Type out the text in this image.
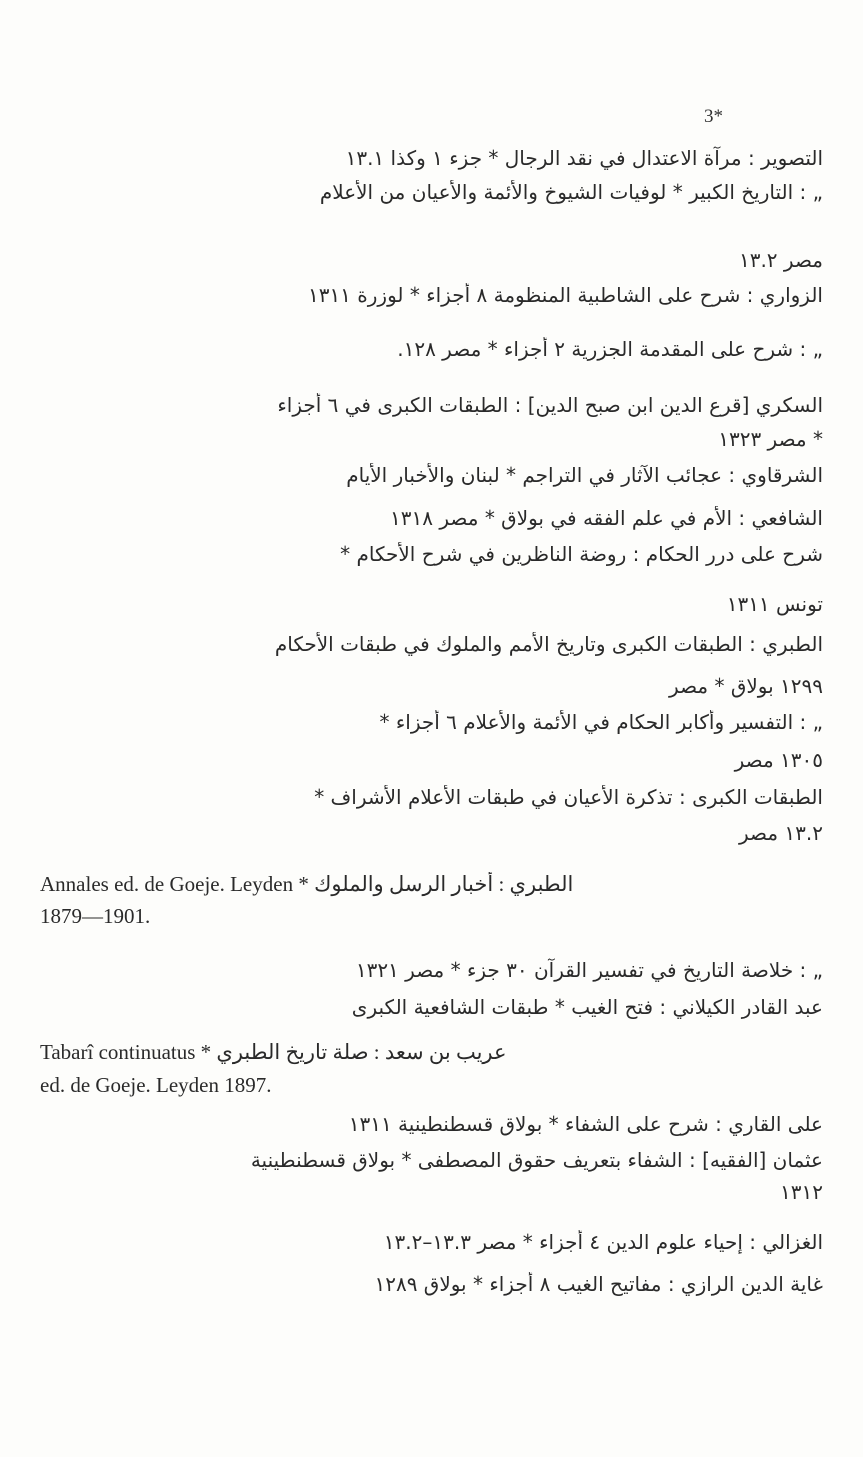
3*
التصوير : مرآة الاعتدال في نقد الرجال * جزء ١ وكذا ١٣.١
„ : التاريخ الكبير * لوفيات الشيوخ والأئمة والأعيان من الأعلام
مصر ١٣.٢
الزواري : شرح على الشاطبية المنظومة ٨ أجزاء * لوزرة ١٣١١
„ : شرح على المقدمة الجزرية ٢ أجزاء * مصر ١٢٨.
السكري [قرع الدين ابن صبح الدين] : الطبقات الكبرى في ٦ أجزاء
* مصر ١٣٢٣
الشرقاوي : عجائب الآثار في التراجم * لبنان والأخبار الأيام
الشافعي : الأم في علم الفقه في بولاق * مصر ١٣١٨
شرح على درر الحكام : روضة الناظرين في شرح الأحكام *
تونس ١٣١١
الطبري : الطبقات الكبرى وتاريخ الأمم والملوك في طبقات الأحكام
١٢٩٩ بولاق * مصر
„ : التفسير وأكابر الحكام في الأئمة والأعلام ٦ أجزاء *
١٣٠٥ مصر
الطبقات الكبرى : تذكرة الأعيان في طبقات الأعلام الأشراف *
١٣.٢ مصر
Annales ed. de Goeje. Leyden * الطبري : أخبار الرسل والملوك
1879—1901.
„ : خلاصة التاريخ في تفسير القرآن ٣٠ جزء * مصر ١٣٢١
عبد القادر الكيلاني : فتح الغيب * طبقات الشافعية الكبرى
Tabarî continuatus * عريب بن سعد : صلة تاريخ الطبري
ed. de Goeje. Leyden 1897.
على القاري : شرح على الشفاء * بولاق قسطنطينية ١٣١١
عثمان [الفقيه] : الشفاء بتعريف حقوق المصطفى * بولاق قسطنطينية
١٣١٢
الغزالي : إحياء علوم الدين ٤ أجزاء * مصر ١٣.٣–١٣.٢
غاية الدين الرازي : مفاتيح الغيب ٨ أجزاء * بولاق ١٢٨٩
